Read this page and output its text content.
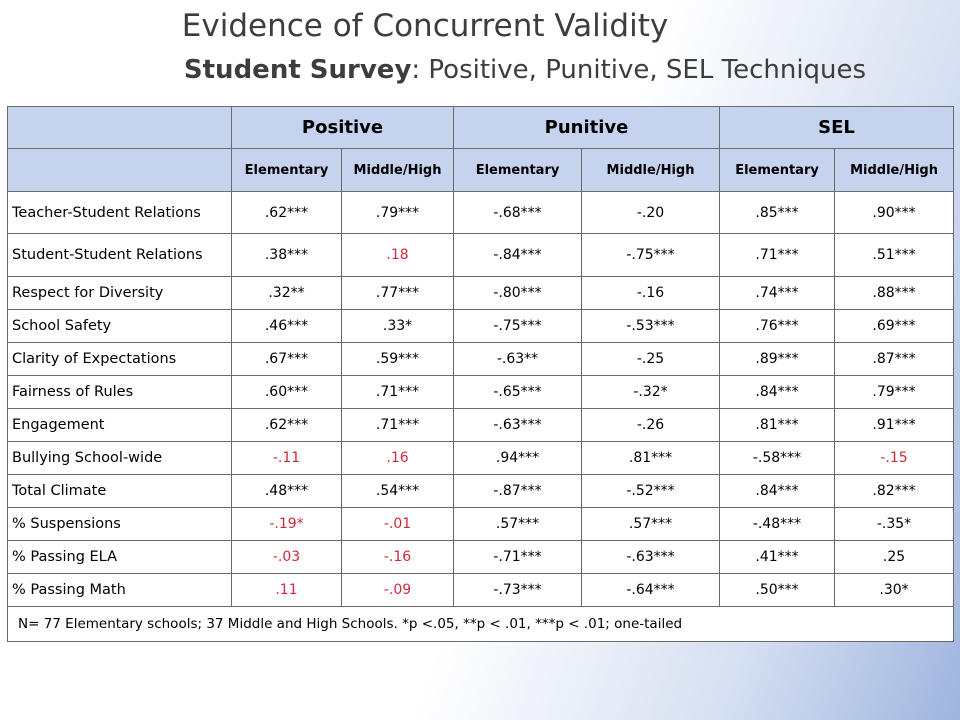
Evidence of Concurrent Validity
Student Survey: Positive, Punitive, SEL Techniques
	Positive		Punitive		SEL	
	Elementary	Middle/High	Elementary	Middle/High	Elementary	Middle/High
Teacher-Student Relations	.62***	.79***	-.68***	-.20	.85***	.90***
Student-Student Relations	.38***	.18	-.84***	-.75***	.71***	.51***
Respect for Diversity	.32**	.77***	-.80***	-.16	.74***	.88***
School Safety	.46***	.33*	-.75***	-.53***	.76***	.69***
Clarity of Expectations	.67***	.59***	-.63**	-.25	.89***	.87***
Fairness of Rules	.60***	.71***	-.65***	-.32*	.84***	.79***
Engagement	.62***	.71***	-.63***	-.26	.81***	.91***
Bullying School-wide	-.11	.16	.94***	.81***	-.58***	-.15
Total Climate	.48***	.54***	-.87***	-.52***	.84***	.82***
% Suspensions	-.19*	-.01	.57***	.57***	-.48***	-.35*
% Passing ELA	-.03	-.16	-.71***	-.63***	.41***	.25
% Passing Math	.11	-.09	-.73***	-.64***	.50***	.30*
N= 77 Elementary schools; 37 Middle and High Schools. *p <.05, **p < .01, ***p < .01; one-tailed						
